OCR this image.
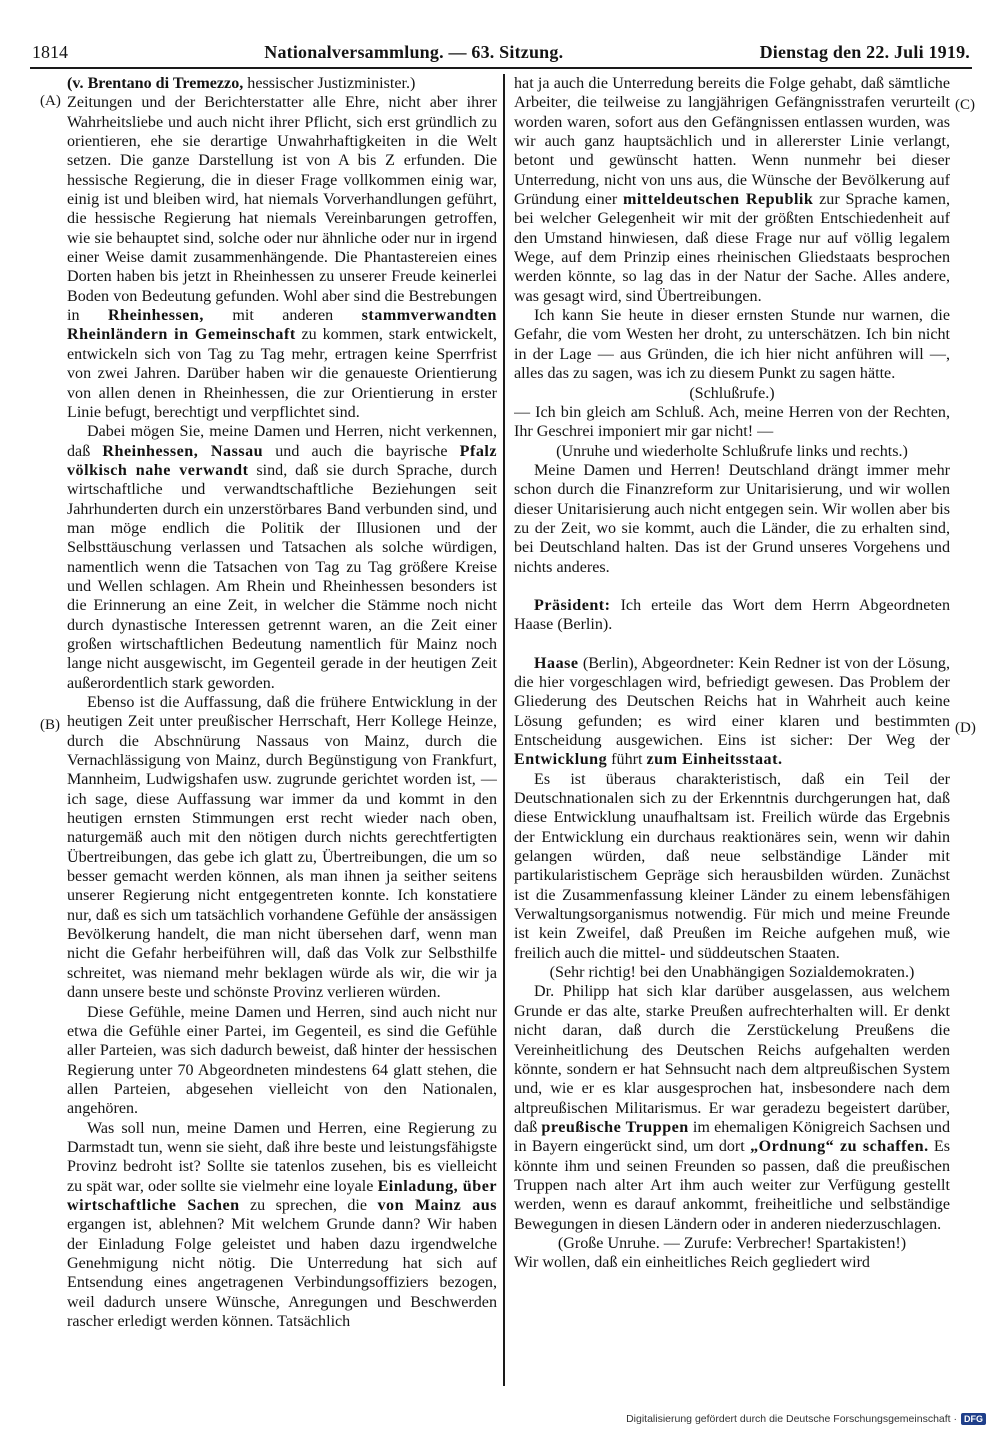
1814	Nationalversammlung. — 63. Sitzung.	Dienstag den 22. Juli 1919.
(A)
(B)
(C)
(D)

(v. Brentano di Tremezzo, hessischer Justizminister.)

Zeitungen und der Berichterstatter alle Ehre, nicht aber ihrer Wahrheitsliebe und auch nicht ihrer Pflicht, sich erst gründlich zu orientieren, ehe sie derartige Unwahrhaftigkeiten in die Welt setzen. Die ganze Darstellung ist von A bis Z erfunden. Die hessische Regierung, die in dieser Frage vollkommen einig war, einig ist und bleiben wird, hat niemals Vorverhandlungen geführt, die hessische Regierung hat niemals Vereinbarungen getroffen, wie sie behauptet sind, solche oder nur ähnliche oder nur in irgend einer Weise damit zusammenhängende. Die Phantastereien eines Dorten haben bis jetzt in Rheinhessen zu unserer Freude keinerlei Boden von Bedeutung gefunden. Wohl aber sind die Bestrebungen in Rheinhessen, mit anderen stammverwandten Rheinländern in Gemeinschaft zu kommen, stark entwickelt, entwickeln sich von Tag zu Tag mehr, ertragen keine Sperrfrist von zwei Jahren. Darüber haben wir die genaueste Orientierung von allen denen in Rheinhessen, die zur Orientierung in erster Linie befugt, berechtigt und verpflichtet sind.

Dabei mögen Sie, meine Damen und Herren, nicht verkennen, daß Rheinhessen, Nassau und auch die bayrische Pfalz völkisch nahe verwandt sind, daß sie durch Sprache, durch wirtschaftliche und verwandtschaftliche Beziehungen seit Jahrhunderten durch ein unzerstörbares Band verbunden sind, und man möge endlich die Politik der Illusionen und der Selbsttäuschung verlassen und Tatsachen als solche würdigen, namentlich wenn die Tatsachen von Tag zu Tag größere Kreise und Wellen schlagen. Am Rhein und Rheinhessen besonders ist die Erinnerung an eine Zeit, in welcher die Stämme noch nicht durch dynastische Interessen getrennt waren, an die Zeit einer großen wirtschaftlichen Bedeutung namentlich für Mainz noch lange nicht ausgewischt, im Gegenteil gerade in der heutigen Zeit außerordentlich stark geworden.

Ebenso ist die Auffassung, daß die frühere Entwicklung in der heutigen Zeit unter preußischer Herrschaft, Herr Kollege Heinze, durch die Abschnürung Nassaus von Mainz, durch die Vernachlässigung von Mainz, durch Begünstigung von Frankfurt, Mannheim, Ludwigshafen usw. zugrunde gerichtet worden ist, — ich sage, diese Auffassung war immer da und kommt in den heutigen ernsten Stimmungen erst recht wieder nach oben, naturgemäß auch mit den nötigen durch nichts gerechtfertigten Übertreibungen, das gebe ich glatt zu, Übertreibungen, die um so besser gemacht werden können, als man ihnen ja seither seitens unserer Regierung nicht entgegentreten konnte. Ich konstatiere nur, daß es sich um tatsächlich vorhandene Gefühle der ansässigen Bevölkerung handelt, die man nicht übersehen darf, wenn man nicht die Gefahr herbeiführen will, daß das Volk zur Selbsthilfe schreitet, was niemand mehr beklagen würde als wir, die wir ja dann unsere beste und schönste Provinz verlieren würden.

Diese Gefühle, meine Damen und Herren, sind auch nicht nur etwa die Gefühle einer Partei, im Gegenteil, es sind die Gefühle aller Parteien, was sich dadurch beweist, daß hinter der hessischen Regierung unter 70 Abgeordneten mindestens 64 glatt stehen, die allen Parteien, abgesehen vielleicht von den Nationalen, angehören.

Was soll nun, meine Damen und Herren, eine Regierung zu Darmstadt tun, wenn sie sieht, daß ihre beste und leistungsfähigste Provinz bedroht ist? Sollte sie tatenlos zusehen, bis es vielleicht zu spät war, oder sollte sie vielmehr eine loyale Einladung, über wirtschaftliche Sachen zu sprechen, die von Mainz aus ergangen ist, ablehnen? Mit welchem Grunde dann? Wir haben der Einladung Folge geleistet und haben dazu irgendwelche Genehmigung nicht nötig. Die Unterredung hat sich auf Entsendung eines angetragenen Verbindungsoffiziers bezogen, weil dadurch unsere Wünsche, Anregungen und Beschwerden rascher erledigt werden können. Tatsächlich

hat ja auch die Unterredung bereits die Folge gehabt, daß sämtliche Arbeiter, die teilweise zu langjährigen Gefängnisstrafen verurteilt worden waren, sofort aus den Gefängnissen entlassen wurden, was wir auch ganz hauptsächlich und in allererster Linie verlangt, betont und gewünscht hatten. Wenn nunmehr bei dieser Unterredung, nicht von uns aus, die Wünsche der Bevölkerung auf Gründung einer mitteldeutschen Republik zur Sprache kamen, bei welcher Gelegenheit wir mit der größten Entschiedenheit auf den Umstand hinwiesen, daß diese Frage nur auf völlig legalem Wege, auf dem Prinzip eines rheinischen Gliedstaats besprochen werden könnte, so lag das in der Natur der Sache. Alles andere, was gesagt wird, sind Übertreibungen.

Ich kann Sie heute in dieser ernsten Stunde nur warnen, die Gefahr, die vom Westen her droht, zu unterschätzen. Ich bin nicht in der Lage — aus Gründen, die ich hier nicht anführen will —, alles das zu sagen, was ich zu diesem Punkt zu sagen hätte.

(Schlußrufe.)

— Ich bin gleich am Schluß. Ach, meine Herren von der Rechten, Ihr Geschrei imponiert mir gar nicht! —

(Unruhe und wiederholte Schlußrufe links und rechts.)

Meine Damen und Herren! Deutschland drängt immer mehr schon durch die Finanzreform zur Unitarisierung, und wir wollen dieser Unitarisierung auch nicht entgegen sein. Wir wollen aber bis zu der Zeit, wo sie kommt, auch die Länder, die zu erhalten sind, bei Deutschland halten. Das ist der Grund unseres Vorgehens und nichts anderes.

Präsident: Ich erteile das Wort dem Herrn Abgeordneten Haase (Berlin).

Haase (Berlin), Abgeordneter: Kein Redner ist von der Lösung, die hier vorgeschlagen wird, befriedigt gewesen. Das Problem der Gliederung des Deutschen Reichs hat in Wahrheit auch keine Lösung gefunden; es wird einer klaren und bestimmten Entscheidung ausgewichen. Eins ist sicher: Der Weg der Entwicklung führt zum Einheitsstaat.

Es ist überaus charakteristisch, daß ein Teil der Deutschnationalen sich zu der Erkenntnis durchgerungen hat, daß diese Entwicklung unaufhaltsam ist. Freilich würde das Ergebnis der Entwicklung ein durchaus reaktionäres sein, wenn wir dahin gelangen würden, daß neue selbständige Länder mit partikularistischem Gepräge sich herausbilden würden. Zunächst ist die Zusammenfassung kleiner Länder zu einem lebensfähigen Verwaltungsorganismus notwendig. Für mich und meine Freunde ist kein Zweifel, daß Preußen im Reiche aufgehen muß, wie freilich auch die mittel- und süddeutschen Staaten.

(Sehr richtig! bei den Unabhängigen Sozialdemokraten.)

Dr. Philipp hat sich klar darüber ausgelassen, aus welchem Grunde er das alte, starke Preußen aufrechterhalten will. Er denkt nicht daran, daß durch die Zerstückelung Preußens die Vereinheitlichung des Deutschen Reichs aufgehalten werden könnte, sondern er hat Sehnsucht nach dem altpreußischen System und, wie er es klar ausgesprochen hat, insbesondere nach dem altpreußischen Militarismus. Er war geradezu begeistert darüber, daß preußische Truppen im ehemaligen Königreich Sachsen und in Bayern eingerückt sind, um dort „Ordnung“ zu schaffen. Es könnte ihm und seinen Freunden so passen, daß die preußischen Truppen nach alter Art ihm auch weiter zur Verfügung gestellt werden, wenn es darauf ankommt, freiheitliche und selbständige Bewegungen in diesen Ländern oder in anderen niederzuschlagen.

(Große Unruhe. — Zurufe: Verbrecher! Spartakisten!)

Wir wollen, daß ein einheitliches Reich gegliedert wird

Digitalisierung gefördert durch die Deutsche Forschungsgemeinschaft · DFG
